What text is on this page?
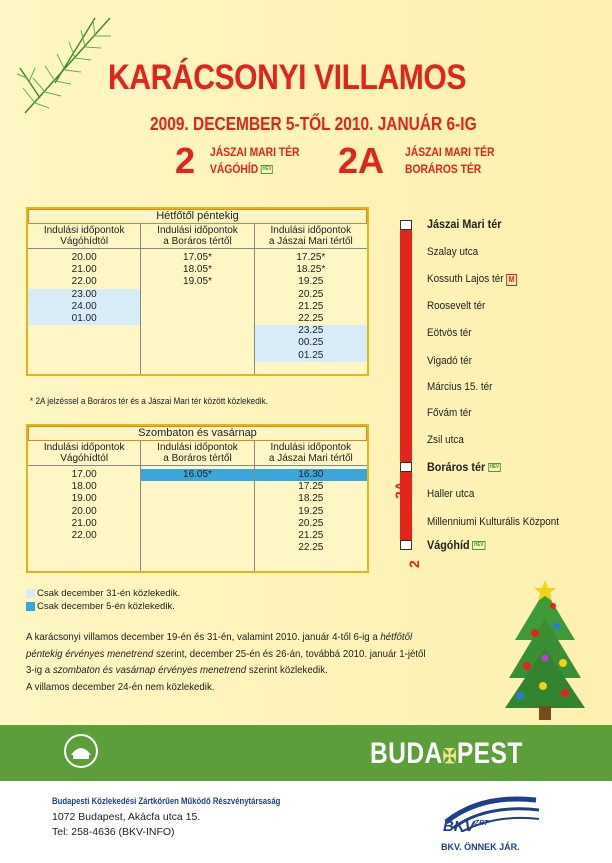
KARÁCSONYI VILLAMOS
2009. DECEMBER 5-TŐL 2010. JANUÁR 6-IG
2 JÁSZAI MARI TÉR
VÁGÓHÍD HÉV 2A JÁSZAI MARI TÉR
BORÁROS TÉR
Hétfőtől péntekig
Indulási időpontok
Vágóhídtól
Indulási időpontok
a Boráros tértől
Indulási időpontok
a Jászai Mari tértől
20.00
21.00
22.00
23.00
24.00
01.00
17.05*
18.05*
19.05*
17.25*
18.25*
19.25
20.25
21.25
22.25
23.25
00.25
01.25
* 2A jelzéssel a Boráros tér és a Jászai Mari tér között közlekedik.
Szombaton és vasárnap
Indulási időpontok
Vágóhídtól
Indulási időpontok
a Boráros tértől
Indulási időpontok
a Jászai Mari tértől
17.00
18.00
19.00
20.00
21.00
22.00
16.05*	16.30
17.25
18.25
19.25
20.25
21.25
22.25
Csak december 31-én közlekedik.
Csak december 5-én közlekedik.
2A
2
Jászai Mari tér
Szalay utca
Kossuth Lajos tér M
Roosevelt tér
Eötvös tér
Vigadó tér
Március 15. tér
Fővám tér
Zsil utca
Boráros tér HÉV
Haller utca
Millenniumi Kulturális Központ
Vágóhíd HÉV

A karácsonyi villamos december 19-én és 31-én, valamint 2010. január 4-től 6-ig a hétfőtől

péntekig érvényes menetrend szerint, december 25-én és 26-án, továbbá 2010. január 1-jétől

3-ig a szombaton és vasárnap érvényes menetrend szerint közlekedik.

A villamos december 24-én nem közlekedik.

BUDA✠PEST
Budapesti Közlekedési Zártkörűen Működő Részvénytársaság
1072 Budapest, Akácfa utca 15.
Tel: 258-4636 (BKV-INFO)	$BKV^{ZRT}$
BKV. ÖNNEK JÁR.
